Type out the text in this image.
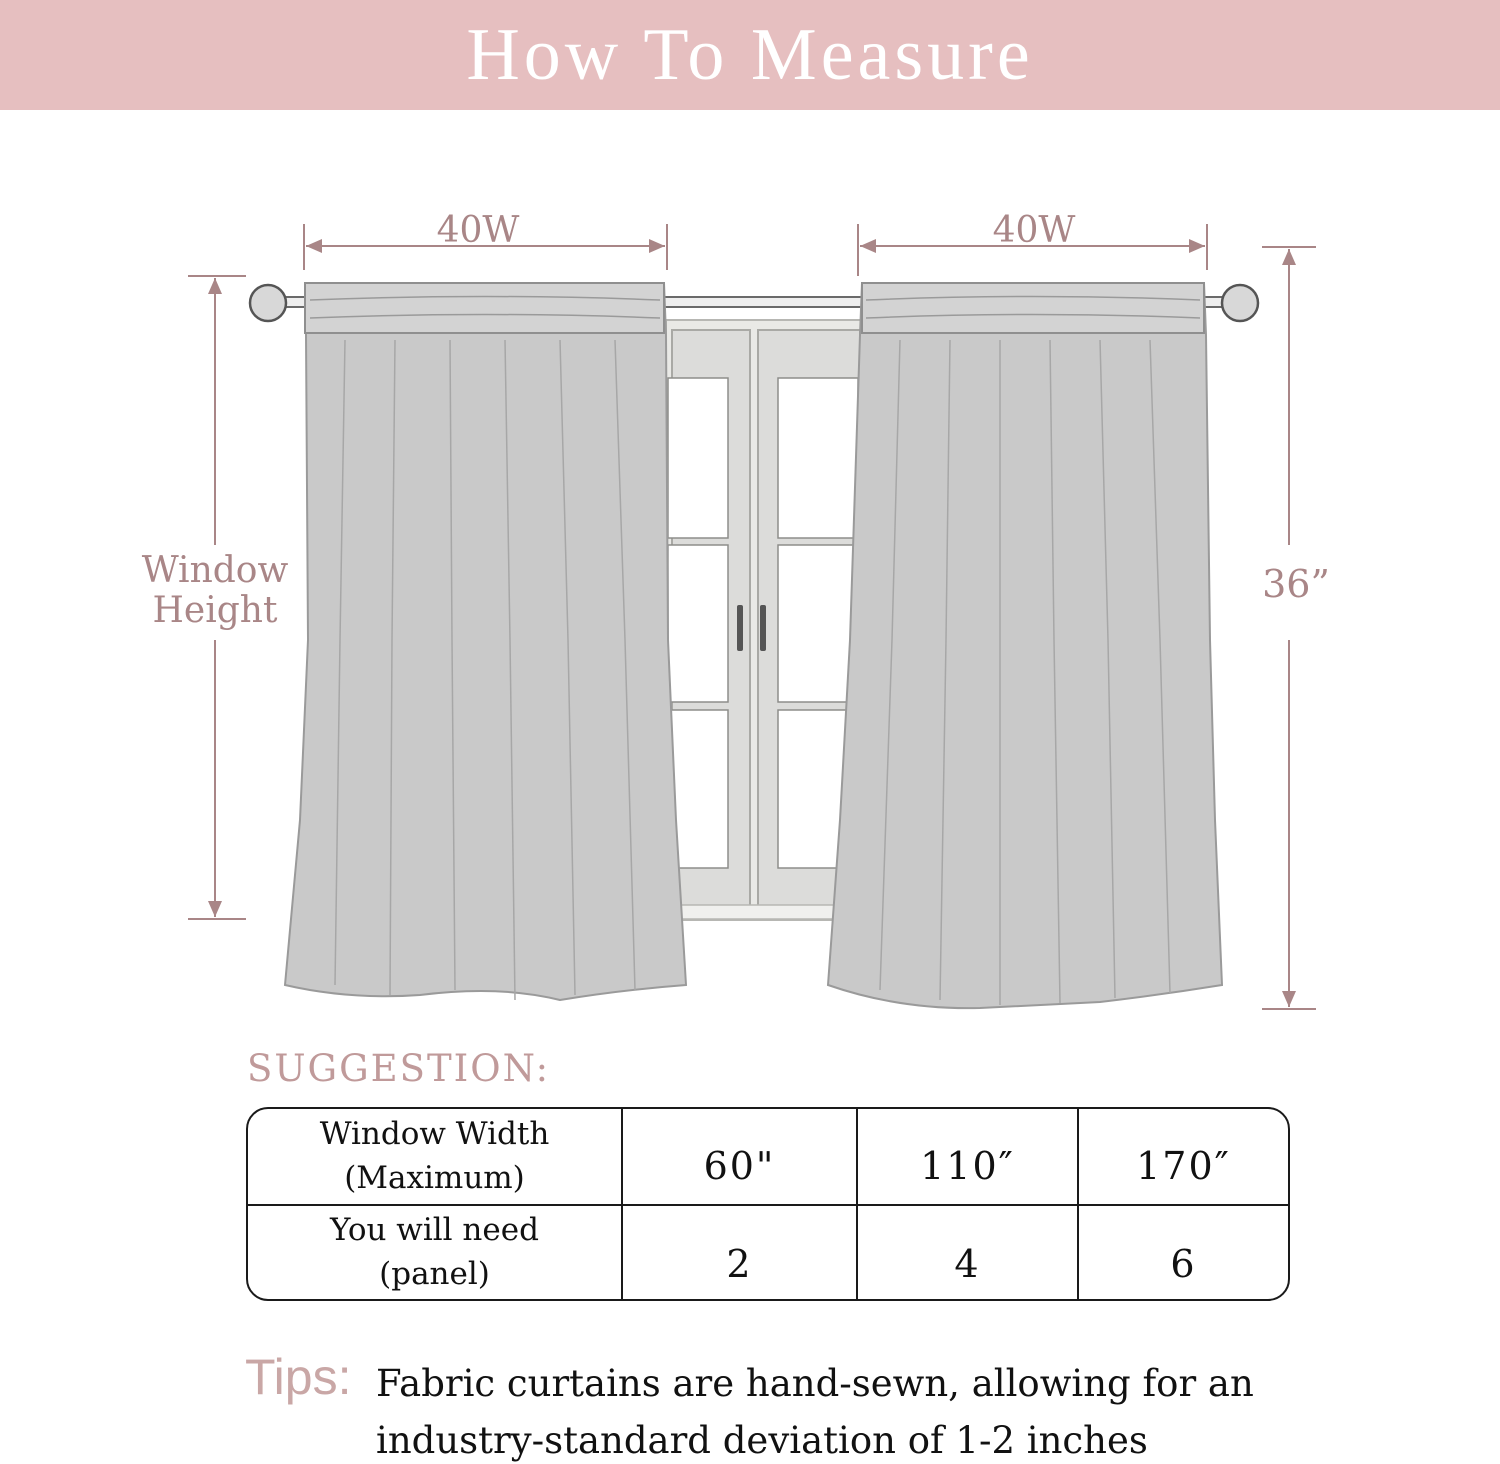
How To Measure
40W	40W
Window
Height
36”
SUGGESTION:
Window Width
(Maximum)	60"	110″	170″

You will need
(panel)	2	4	6
Tips: Fabric curtains are hand-sewn, allowing for an
industry-standard deviation of 1-2 inches
